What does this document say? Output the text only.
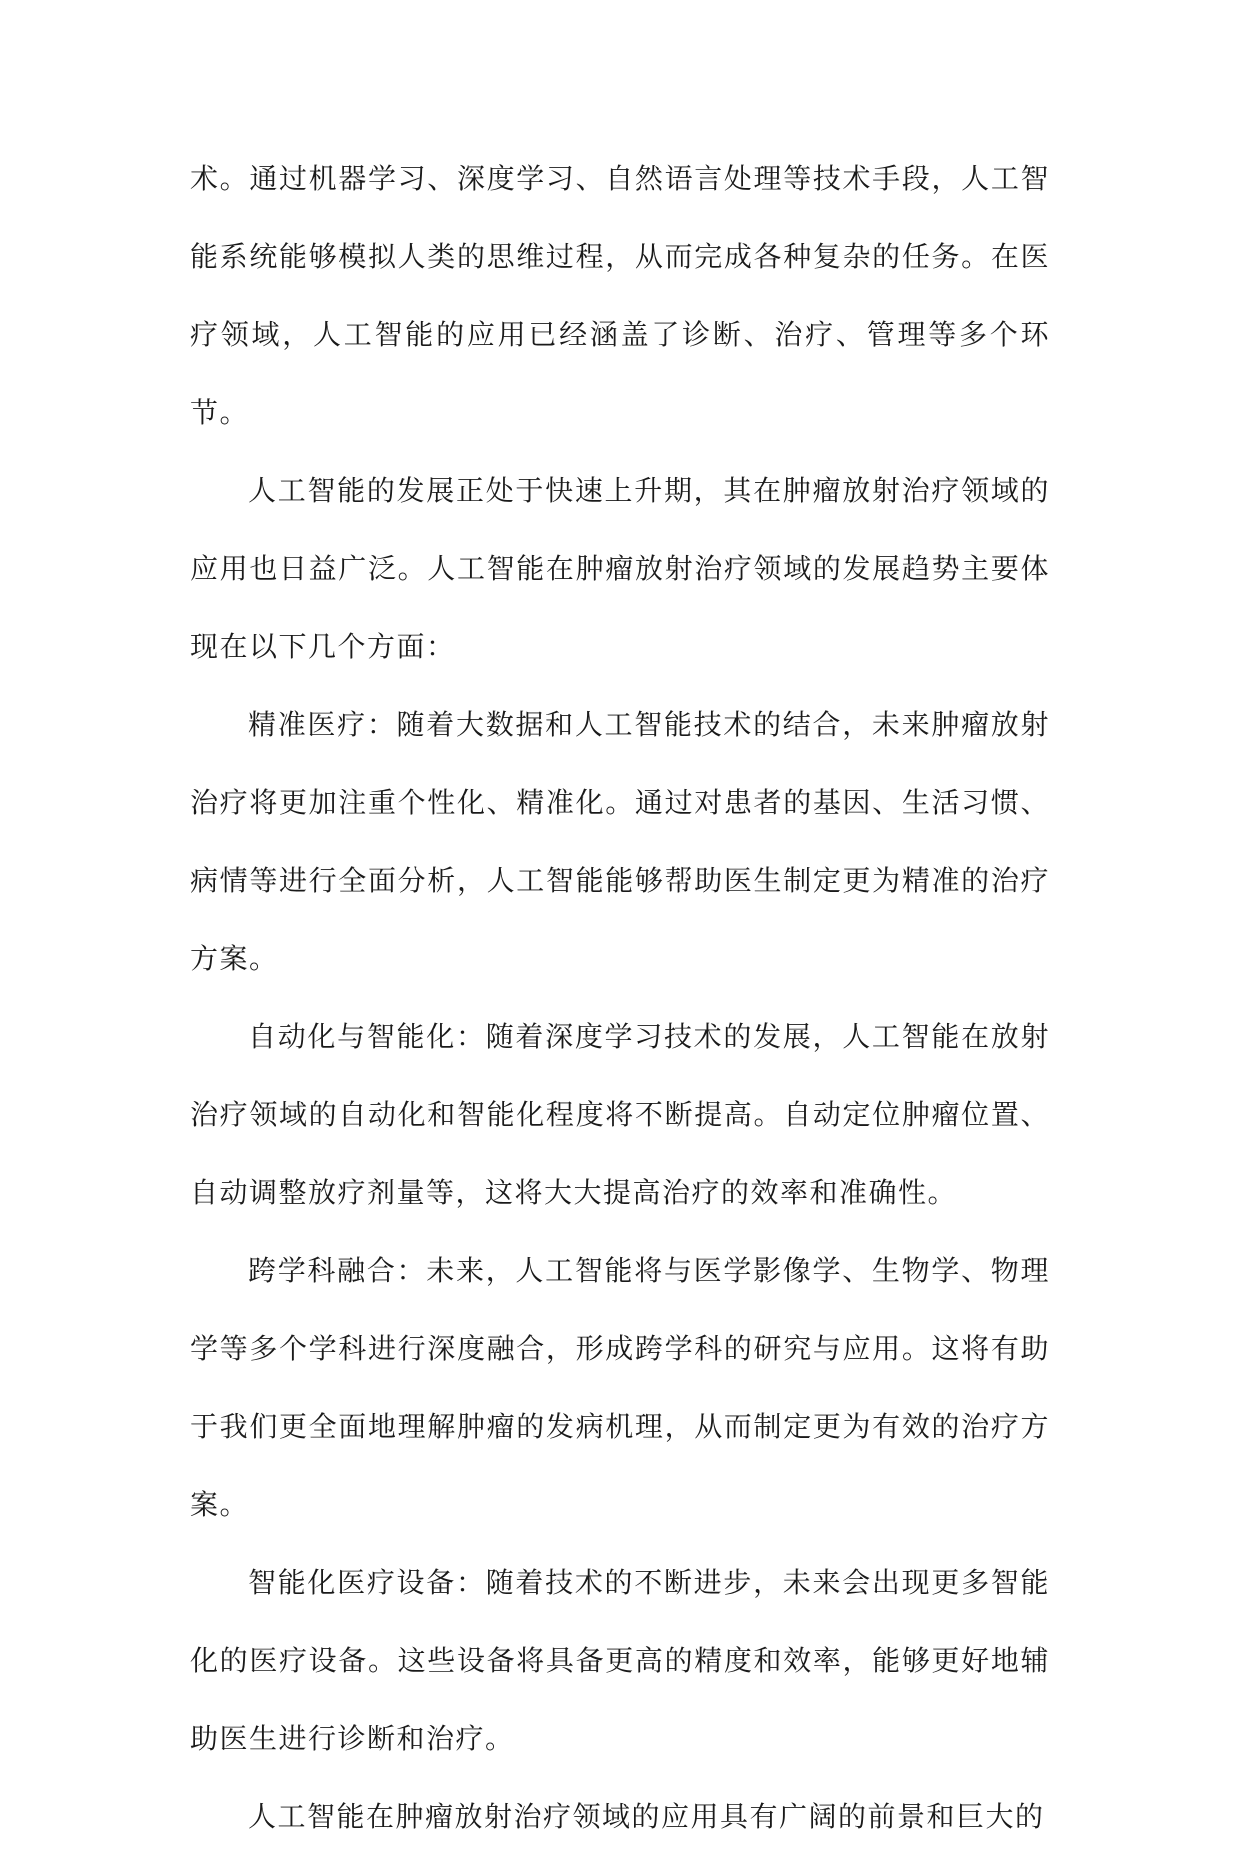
术。通过机器学习、深度学习、自然语言处理等技术手段，人工智能系统能够模拟人类的思维过程，从而完成各种复杂的任务。在医疗领域，人工智能的应用已经涵盖了诊断、治疗、管理等多个环节。

人工智能的发展正处于快速上升期，其在肿瘤放射治疗领域的应用也日益广泛。人工智能在肿瘤放射治疗领域的发展趋势主要体现在以下几个方面：

精准医疗：随着大数据和人工智能技术的结合，未来肿瘤放射治疗将更加注重个性化、精准化。通过对患者的基因、生活习惯、病情等进行全面分析，人工智能能够帮助医生制定更为精准的治疗方案。

自动化与智能化：随着深度学习技术的发展，人工智能在放射治疗领域的自动化和智能化程度将不断提高。自动定位肿瘤位置、自动调整放疗剂量等，这将大大提高治疗的效率和准确性。

跨学科融合：未来，人工智能将与医学影像学、生物学、物理学等多个学科进行深度融合，形成跨学科的研究与应用。这将有助于我们更全面地理解肿瘤的发病机理，从而制定更为有效的治疗方案。

智能化医疗设备：随着技术的不断进步，未来会出现更多智能化的医疗设备。这些设备将具备更高的精度和效率，能够更好地辅助医生进行诊断和治疗。

人工智能在肿瘤放射治疗领域的应用具有广阔的前景和巨大的
